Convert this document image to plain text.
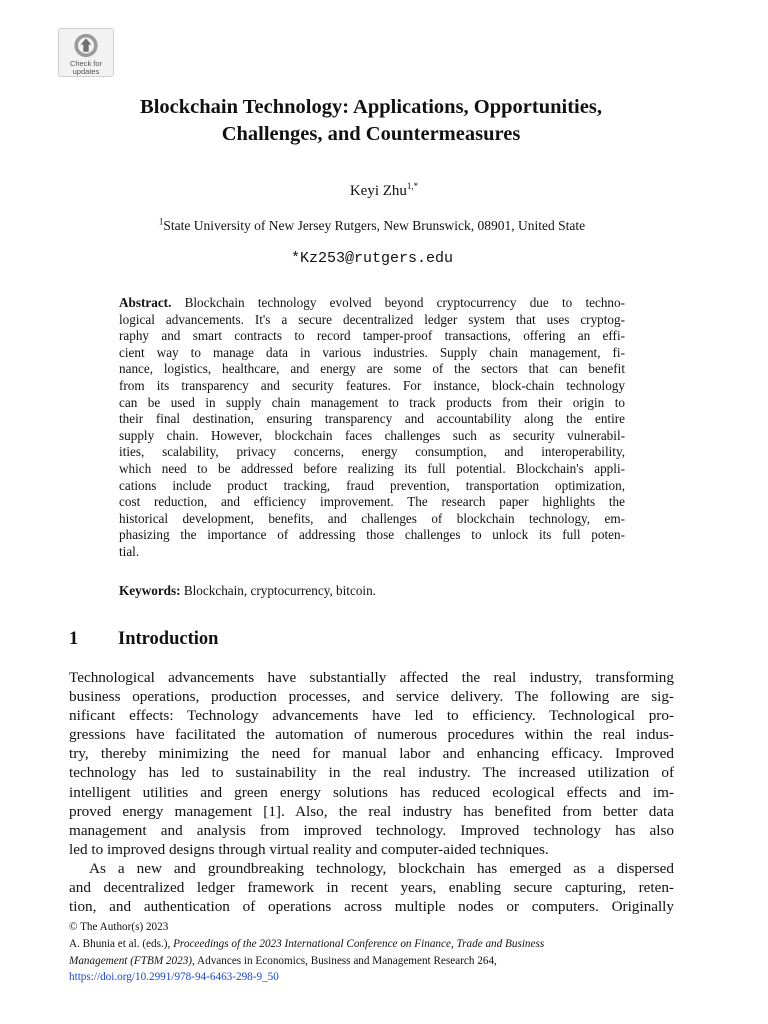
Check for
updates
Blockchain Technology: Applications, Opportunities,
Challenges, and Countermeasures
Keyi Zhu$^{1,*}$
$^1$State University of New Jersey Rutgers, New Brunswick, 08901, United State
*Kz253@rutgers.edu
Abstract. Blockchain technology evolved beyond cryptocurrency due to techno-
logical advancements. It's a secure decentralized ledger system that uses cryptog-
raphy and smart contracts to record tamper-proof transactions, offering an effi-
cient way to manage data in various industries. Supply chain management, fi-
nance, logistics, healthcare, and energy are some of the sectors that can benefit
from its transparency and security features. For instance, block-chain technology
can be used in supply chain management to track products from their origin to
their final destination, ensuring transparency and accountability along the entire
supply chain. However, blockchain faces challenges such as security vulnerabil-
ities, scalability, privacy concerns, energy consumption, and interoperability,
which need to be addressed before realizing its full potential. Blockchain's appli-
cations include product tracking, fraud prevention, transportation optimization,
cost reduction, and efficiency improvement. The research paper highlights the
historical development, benefits, and challenges of blockchain technology, em-
phasizing the importance of addressing those challenges to unlock its full poten-
tial.
Keywords: Blockchain, cryptocurrency, bitcoin.
1 Introduction
Technological advancements have substantially affected the real industry, transforming
business operations, production processes, and service delivery. The following are sig-
nificant effects: Technology advancements have led to efficiency. Technological pro-
gressions have facilitated the automation of numerous procedures within the real indus-
try, thereby minimizing the need for manual labor and enhancing efficacy. Improved
technology has led to sustainability in the real industry. The increased utilization of
intelligent utilities and green energy solutions has reduced ecological effects and im-
proved energy management [1]. Also, the real industry has benefited from better data
management and analysis from improved technology. Improved technology has also
led to improved designs through virtual reality and computer-aided techniques.
As a new and groundbreaking technology, blockchain has emerged as a dispersed
and decentralized ledger framework in recent years, enabling secure capturing, reten-
tion, and authentication of operations across multiple nodes or computers. Originally
© The Author(s) 2023
A. Bhunia et al. (eds.), Proceedings of the 2023 International Conference on Finance, Trade and Business
Management (FTBM 2023), Advances in Economics, Business and Management Research 264,
https://doi.org/10.2991/978-94-6463-298-9_50
